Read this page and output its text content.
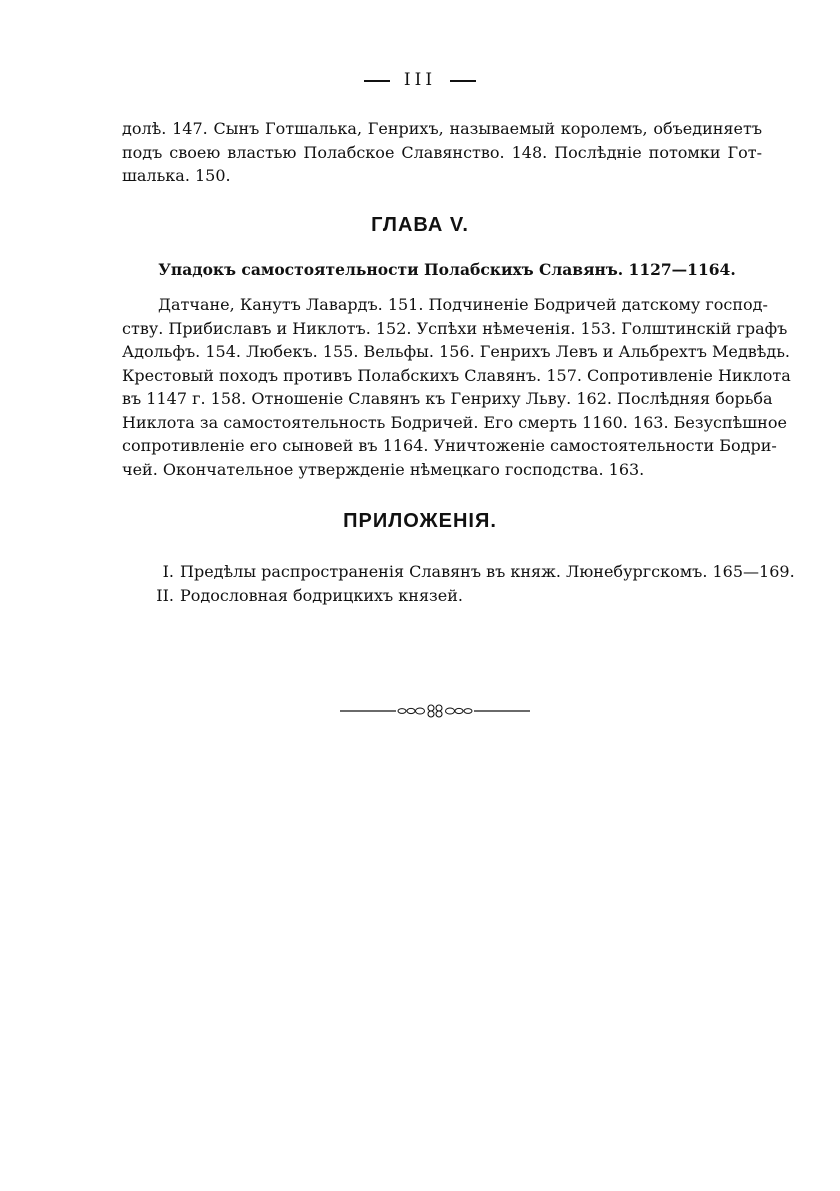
III
долѣ. 147. Сынъ Готшалька, Генрихъ, называемый королемъ, объединяетъ
подъ своею властью Полабское Славянство. 148. Послѣдніе потомки Гот-
шалька. 150.
ГЛАВА V.
Упадокъ самостоятельности Полабскихъ Славянъ. 1127—1164.
Датчане, Канутъ Лавардъ. 151. Подчиненіе Бодричей датскому господ-
ству. Прибиславъ и Никлотъ. 152. Успѣхи нѣмеченія. 153. Голштинскій графъ
Адольфъ. 154. Любекъ. 155. Вельфы. 156. Генрихъ Левъ и Альбрехтъ Медвѣдь.
Крестовый походъ противъ Полабскихъ Славянъ. 157. Сопротивленіе Никлота
въ 1147 г. 158. Отношеніе Славянъ къ Генриху Льву. 162. Послѣдняя борьба
Никлота за самостоятельность Бодричей. Его смерть 1160. 163. Безуспѣшное
сопротивленіе его сыновей въ 1164. Уничтоженіе самостоятельности Бодри-
чей. Окончательное утвержденіе нѣмецкаго господства. 163.
ПРИЛОЖЕНІЯ.
I. Предѣлы распространенія Славянъ въ княж. Люнебургскомъ. 165—169.
II. Родословная бодрицкихъ князей.
